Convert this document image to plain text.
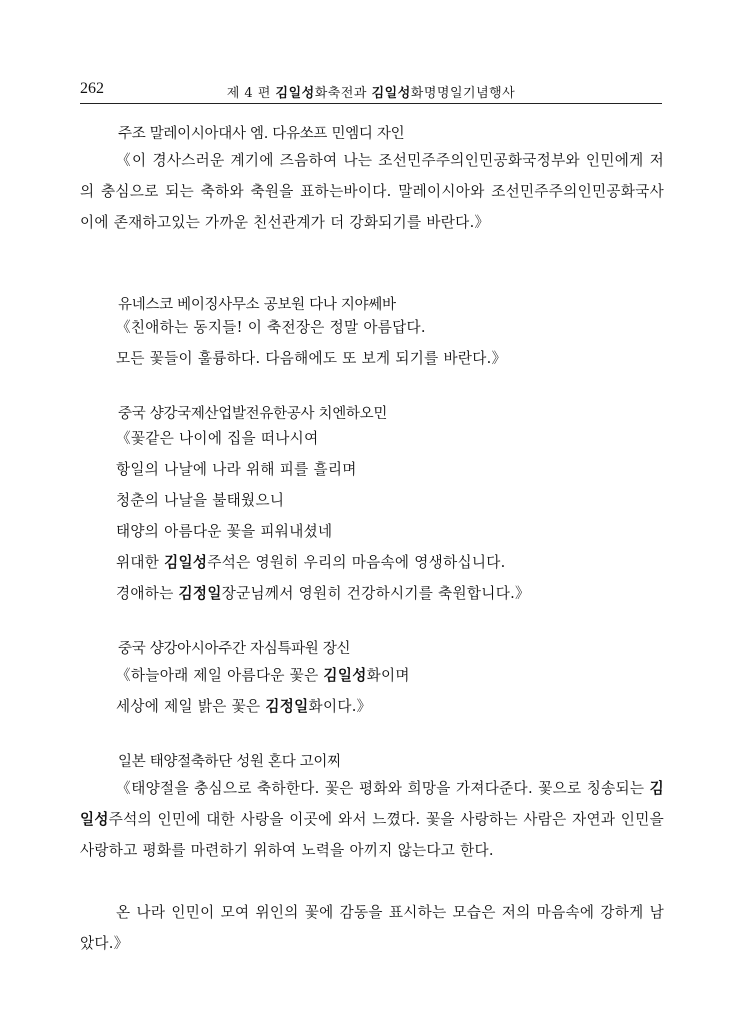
262	제 4 편 김일성화축전과 김일성화명명일기념행사
주조 말레이시아대사 엠. 다유쏘프 민엠디 자인
《이 경사스러운 계기에 즈음하여 나는 조선민주주의인민공화국정부와 인민에게 저의 충심으로 되는 축하와 축원을 표하는바이다. 말레이시아와 조선민주주의인민공화국사이에 존재하고있는 가까운 친선관계가 더 강화되기를 바란다.》
유네스코 베이징사무소 공보원 다나 지야쎄바
《친애하는 동지들! 이 축전장은 정말 아름답다.
모든 꽃들이 훌륭하다. 다음해에도 또 보게 되기를 바란다.》
중국 샹강국제산업발전유한공사 치엔하오민
《꽃같은 나이에 집을 떠나시여
항일의 나날에 나라 위해 피를 흘리며
청춘의 나날을 불태웠으니
태양의 아름다운 꽃을 피워내셨네
위대한 김일성주석은 영원히 우리의 마음속에 영생하십니다.
경애하는 김정일장군님께서 영원히 건강하시기를 축원합니다.》
중국 샹강아시아주간 자심특파원 장신
《하늘아래 제일 아름다운 꽃은 김일성화이며
세상에 제일 밝은 꽃은 김정일화이다.》
일본 태양절축하단 성원 혼다 고이찌
《태양절을 충심으로 축하한다. 꽃은 평화와 희망을 가져다준다. 꽃으로 칭송되는 김일성주석의 인민에 대한 사랑을 이곳에 와서 느꼈다. 꽃을 사랑하는 사람은 자연과 인민을 사랑하고 평화를 마련하기 위하여 노력을 아끼지 않는다고 한다.
온 나라 인민이 모여 위인의 꽃에 감동을 표시하는 모습은 저의 마음속에 강하게 남았다.》
